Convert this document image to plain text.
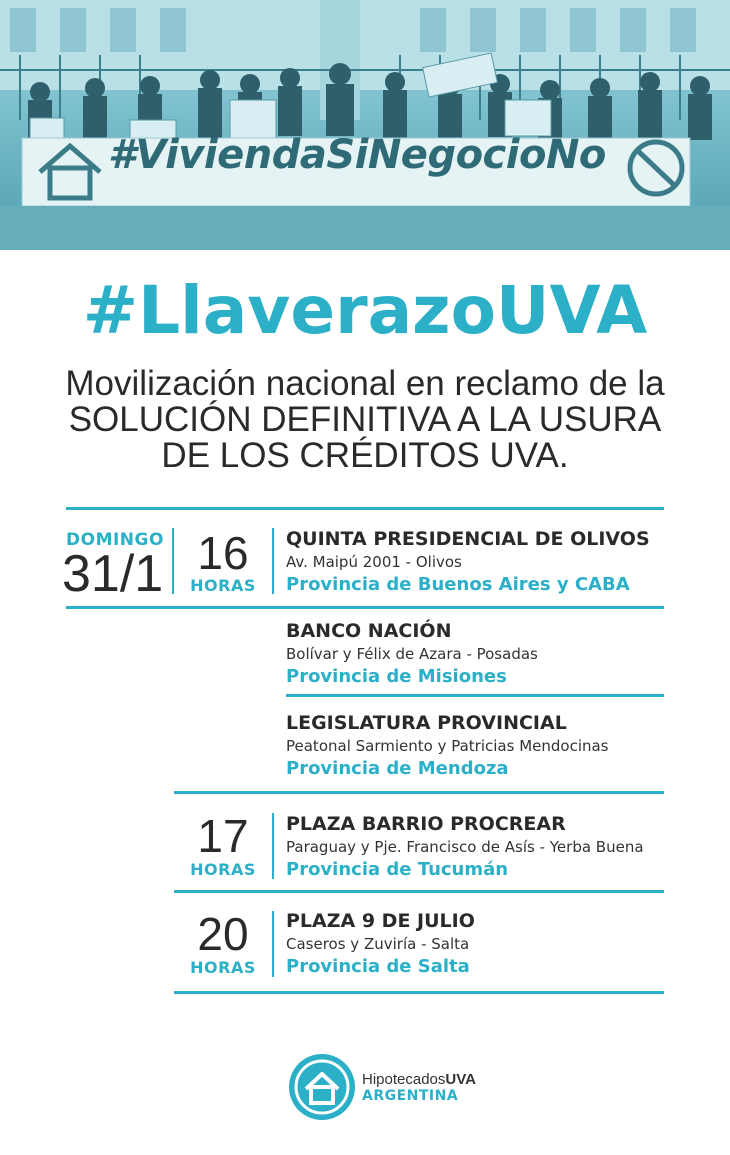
#ViviendaSiNegocioNo
#LlaverazoUVA
Movilización nacional en reclamo de la
SOLUCIÓN DEFINITIVA A LA USURA
DE LOS CRÉDITOS UVA.
DOMINGO
31/1 16
HORAS
QUINTA PRESIDENCIAL DE OLIVOS
Av. Maipú 2001 - Olivos
Provincia de Buenos Aires y CABA
BANCO NACIÓN
Bolívar y Félix de Azara - Posadas
Provincia de Misiones
LEGISLATURA PROVINCIAL
Peatonal Sarmiento y Patricias Mendocinas
Provincia de Mendoza
17
HORAS
PLAZA BARRIO PROCREAR
Paraguay y Pje. Francisco de Asís - Yerba Buena
Provincia de Tucumán
20
HORAS
PLAZA 9 DE JULIO
Caseros y Zuviría - Salta
Provincia de Salta
HipotecadosUVA
ARGENTINA
